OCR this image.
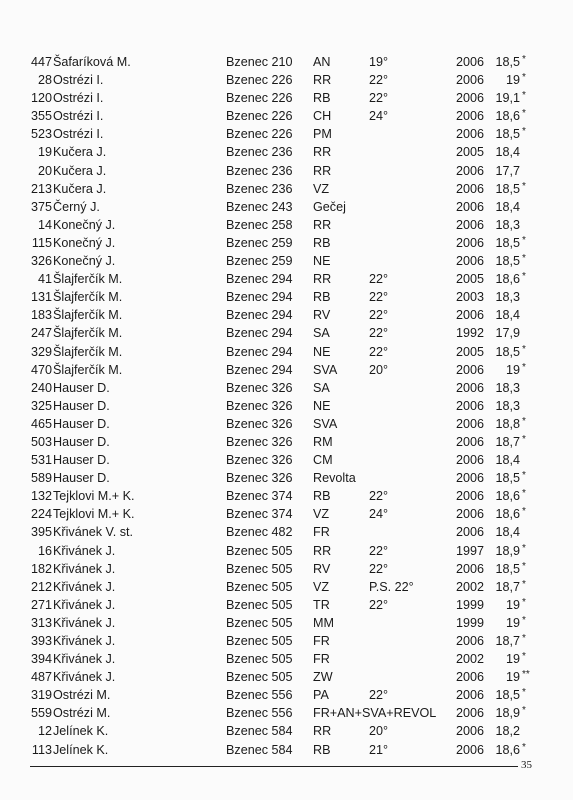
447 Šafaríková M.	Bzenec 210 AN	19°	2006 18,5 *
28 Ostrézi I.	Bzenec 226 RR	22°	2006	19 *
120 Ostrézi I.	Bzenec 226 RB	22°	2006 19,1 *
355 Ostrézi I.	Bzenec 226 CH	24°	2006 18,6 *
523 Ostrézi I.	Bzenec 226 PM	2006 18,5 *
19 Kučera J.	Bzenec 236 RR	2005 18,4
20 Kučera J.	Bzenec 236 RR	2006 17,7
213 Kučera J.	Bzenec 236 VZ	2006 18,5 *
375 Černý J.	Bzenec 243 Gečej	2006 18,4
14 Konečný J.	Bzenec 258 RR	2006 18,3
115 Konečný J.	Bzenec 259 RB	2006 18,5 *
326 Konečný J.	Bzenec 259 NE	2006 18,5 *
41 Šlajferčík M.	Bzenec 294 RR	22°	2005 18,6 *
131 Šlajferčík M.	Bzenec 294 RB	22°	2003 18,3
183 Šlajferčík M.	Bzenec 294 RV	22°	2006 18,4
247 Šlajferčík M.	Bzenec 294 SA	22°	1992 17,9
329 Šlajferčík M.	Bzenec 294 NE	22°	2005 18,5 *
470 Šlajferčík M.	Bzenec 294 SVA	20°	2006	19 *
240 Hauser D.	Bzenec 326 SA	2006 18,3
325 Hauser D.	Bzenec 326 NE	2006 18,3
465 Hauser D.	Bzenec 326 SVA	2006 18,8 *
503 Hauser D.	Bzenec 326 RM	2006 18,7 *
531 Hauser D.	Bzenec 326 CM	2006 18,4
589 Hauser D.	Bzenec 326 Revolta	2006 18,5 *
132 Tejklovi M.+ K.	Bzenec 374 RB	22°	2006 18,6 *
224 Tejklovi M.+ K.	Bzenec 374 VZ	24°	2006 18,6 *
395 Křivánek V. st.	Bzenec 482 FR	2006 18,4
16 Křivánek J.	Bzenec 505 RR	22°	1997 18,9 *
182 Křivánek J.	Bzenec 505 RV	22°	2006 18,5 *
212 Křivánek J.	Bzenec 505 VZ	P.S. 22°	2002 18,7 *
271 Křivánek J.	Bzenec 505 TR	22°	1999	19 *
313 Křivánek J.	Bzenec 505 MM	1999	19 *
393 Křivánek J.	Bzenec 505 FR	2006 18,7 *
394 Křivánek J.	Bzenec 505 FR	2002	19 *
487 Křivánek J.	Bzenec 505 ZW	2006	19 **
319 Ostrézi M.	Bzenec 556 PA	22°	2006 18,5 *
559 Ostrézi M.	Bzenec 556 FR+AN+SVA+REVOL	2006 18,9 *
12 Jelínek K.	Bzenec 584 RR	20°	2006 18,2
113 Jelínek K.	Bzenec 584 RB	21°	2006 18,6 *
35
